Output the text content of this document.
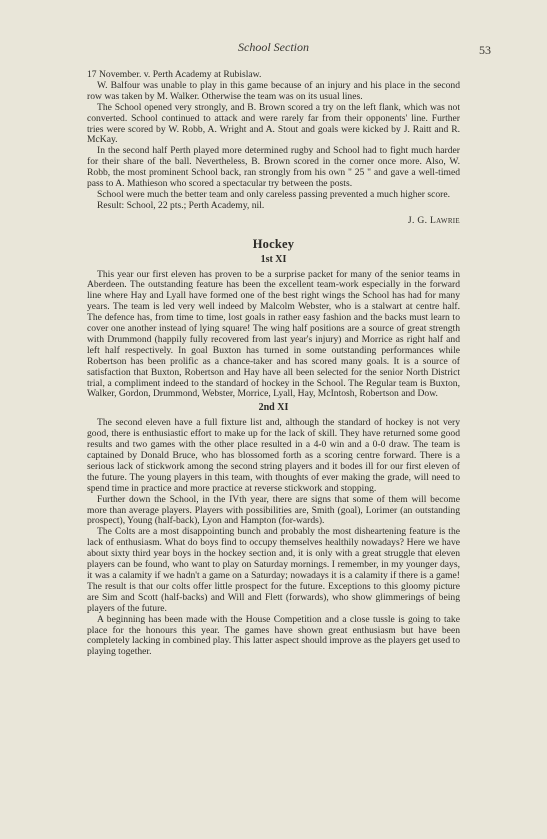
School Section	53

17 November. v. Perth Academy at Rubislaw.

W. Balfour was unable to play in this game because of an injury and his place in the second row was taken by M. Walker. Otherwise the team was on its usual lines.

The School opened very strongly, and B. Brown scored a try on the left flank, which was not converted. School continued to attack and were rarely far from their opponents' line. Further tries were scored by W. Robb, A. Wright and A. Stout and goals were kicked by J. Raitt and R. McKay.

In the second half Perth played more determined rugby and School had to fight much harder for their share of the ball. Nevertheless, B. Brown scored in the corner once more. Also, W. Robb, the most prominent School back, ran strongly from his own " 25 " and gave a well-timed pass to A. Mathieson who scored a spectacular try between the posts.

School were much the better team and only careless passing prevented a much higher score.

Result: School, 22 pts.; Perth Academy, nil.

J. G. Lawrie
Hockey
1st XI

This year our first eleven has proven to be a surprise packet for many of the senior teams in Aberdeen. The outstanding feature has been the excellent team-work especially in the forward line where Hay and Lyall have formed one of the best right wings the School has had for many years. The team is led very well indeed by Malcolm Webster, who is a stalwart at centre half. The defence has, from time to time, lost goals in rather easy fashion and the backs must learn to cover one another instead of lying square! The wing half positions are a source of great strength with Drummond (happily fully recovered from last year's injury) and Morrice as right half and left half respectively. In goal Buxton has turned in some outstanding performances while Robertson has been prolific as a chance-taker and has scored many goals. It is a source of satisfaction that Buxton, Robertson and Hay have all been selected for the senior North District trial, a compliment indeed to the standard of hockey in the School. The Regular team is Buxton, Walker, Gordon, Drummond, Webster, Morrice, Lyall, Hay, McIntosh, Robertson and Dow.

2nd XI

The second eleven have a full fixture list and, although the standard of hockey is not very good, there is enthusiastic effort to make up for the lack of skill. They have returned some good results and two games with the other place resulted in a 4-0 win and a 0-0 draw. The team is captained by Donald Bruce, who has blossomed forth as a scoring centre forward. There is a serious lack of stickwork among the second string players and it bodes ill for our first eleven of the future. The young players in this team, with thoughts of ever making the grade, will need to spend time in practice and more practice at reverse stickwork and stopping.

Further down the School, in the IVth year, there are signs that some of them will become more than average players. Players with possibilities are, Smith (goal), Lorimer (an outstanding prospect), Young (half-back), Lyon and Hampton (for-wards).

The Colts are a most disappointing bunch and probably the most disheartening feature is the lack of enthusiasm. What do boys find to occupy themselves healthily nowadays? Here we have about sixty third year boys in the hockey section and, it is only with a great struggle that eleven players can be found, who want to play on Saturday mornings. I remember, in my younger days, it was a calamity if we hadn't a game on a Saturday; nowadays it is a calamity if there is a game! The result is that our colts offer little prospect for the future. Exceptions to this gloomy picture are Sim and Scott (half-backs) and Will and Flett (forwards), who show glimmerings of being players of the future.

A beginning has been made with the House Competition and a close tussle is going to take place for the honours this year. The games have shown great enthusiasm but have been completely lacking in combined play. This latter aspect should improve as the players get used to playing together.
